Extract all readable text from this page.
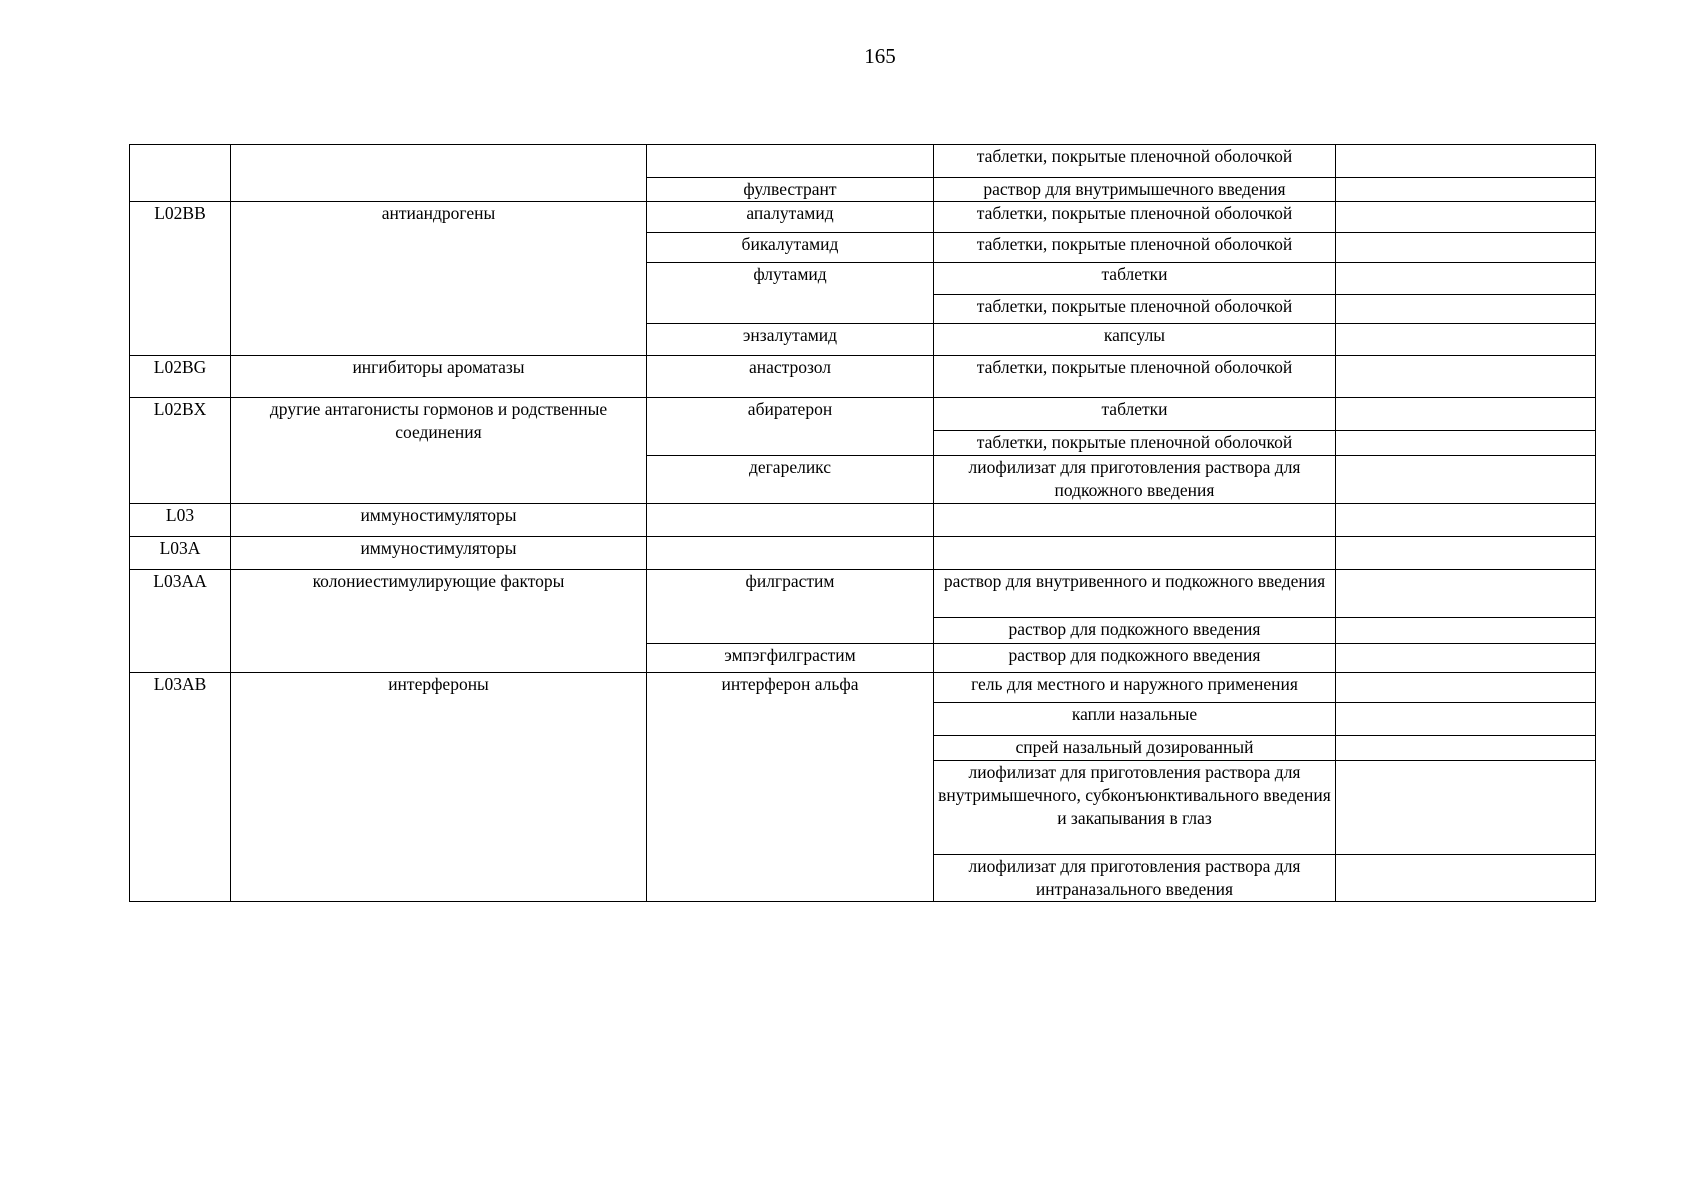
165
			таблетки, покрытые пленочной оболочкой	
		фулвестрант	раствор для внутримышечного введения	
L02BB	антиандрогены	апалутамид	таблетки, покрытые пленочной оболочкой	
		бикалутамид	таблетки, покрытые пленочной оболочкой	
		флутамид	таблетки	
			таблетки, покрытые пленочной оболочкой	
		энзалутамид	капсулы	
L02BG	ингибиторы ароматазы	анастрозол	таблетки, покрытые пленочной оболочкой	
L02BX	другие антагонисты гормонов и родственные соединения	абиратерон	таблетки	
			таблетки, покрытые пленочной оболочкой	
		дегареликс	лиофилизат для приготовления раствора для подкожного введения	
L03	иммуностимуляторы			
L03A	иммуностимуляторы			
L03AA	колониестимулирующие факторы	филграстим	раствор для внутривенного и подкожного введения	
			раствор для подкожного введения	
		эмпэгфилграстим	раствор для подкожного введения	
L03AB	интерфероны	интерферон альфа	гель для местного и наружного применения	
			капли назальные	
			спрей назальный дозированный	
			лиофилизат для приготовления раствора для внутримышечного, субконъюнктивального введения и закапывания в глаз	
			лиофилизат для приготовления раствора для интраназального введения	
